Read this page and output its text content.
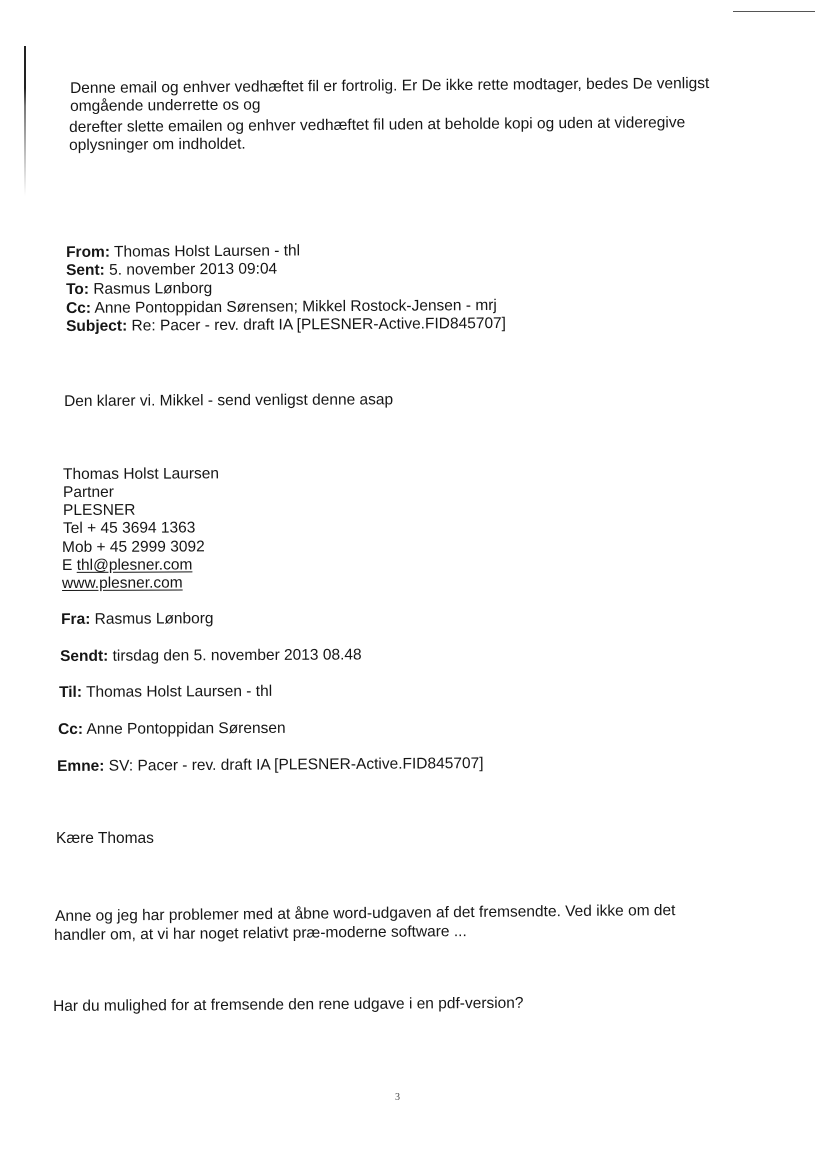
Denne email og enhver vedhæftet fil er fortrolig. Er De ikke rette modtager, bedes De venligst
omgående underrette os og
derefter slette emailen og enhver vedhæftet fil uden at beholde kopi og uden at videregive
oplysninger om indholdet.
From: Thomas Holst Laursen - thl
Sent: 5. november 2013 09:04
To: Rasmus Lønborg
Cc: Anne Pontoppidan Sørensen; Mikkel Rostock-Jensen - mrj
Subject: Re: Pacer - rev. draft IA [PLESNER-Active.FID845707]
Den klarer vi. Mikkel - send venligst denne asap
Thomas Holst Laursen
Partner
PLESNER
Tel + 45 3694 1363
Mob + 45 2999 3092
E thl@plesner.com
www.plesner.com
Fra: Rasmus Lønborg
Sendt: tirsdag den 5. november 2013 08.48
Til: Thomas Holst Laursen - thl
Cc: Anne Pontoppidan Sørensen
Emne: SV: Pacer - rev. draft IA [PLESNER-Active.FID845707]
Kære Thomas
Anne og jeg har problemer med at åbne word-udgaven af det fremsendte. Ved ikke om det
handler om, at vi har noget relativt præ-moderne software ...
Har du mulighed for at fremsende den rene udgave i en pdf-version?
3
